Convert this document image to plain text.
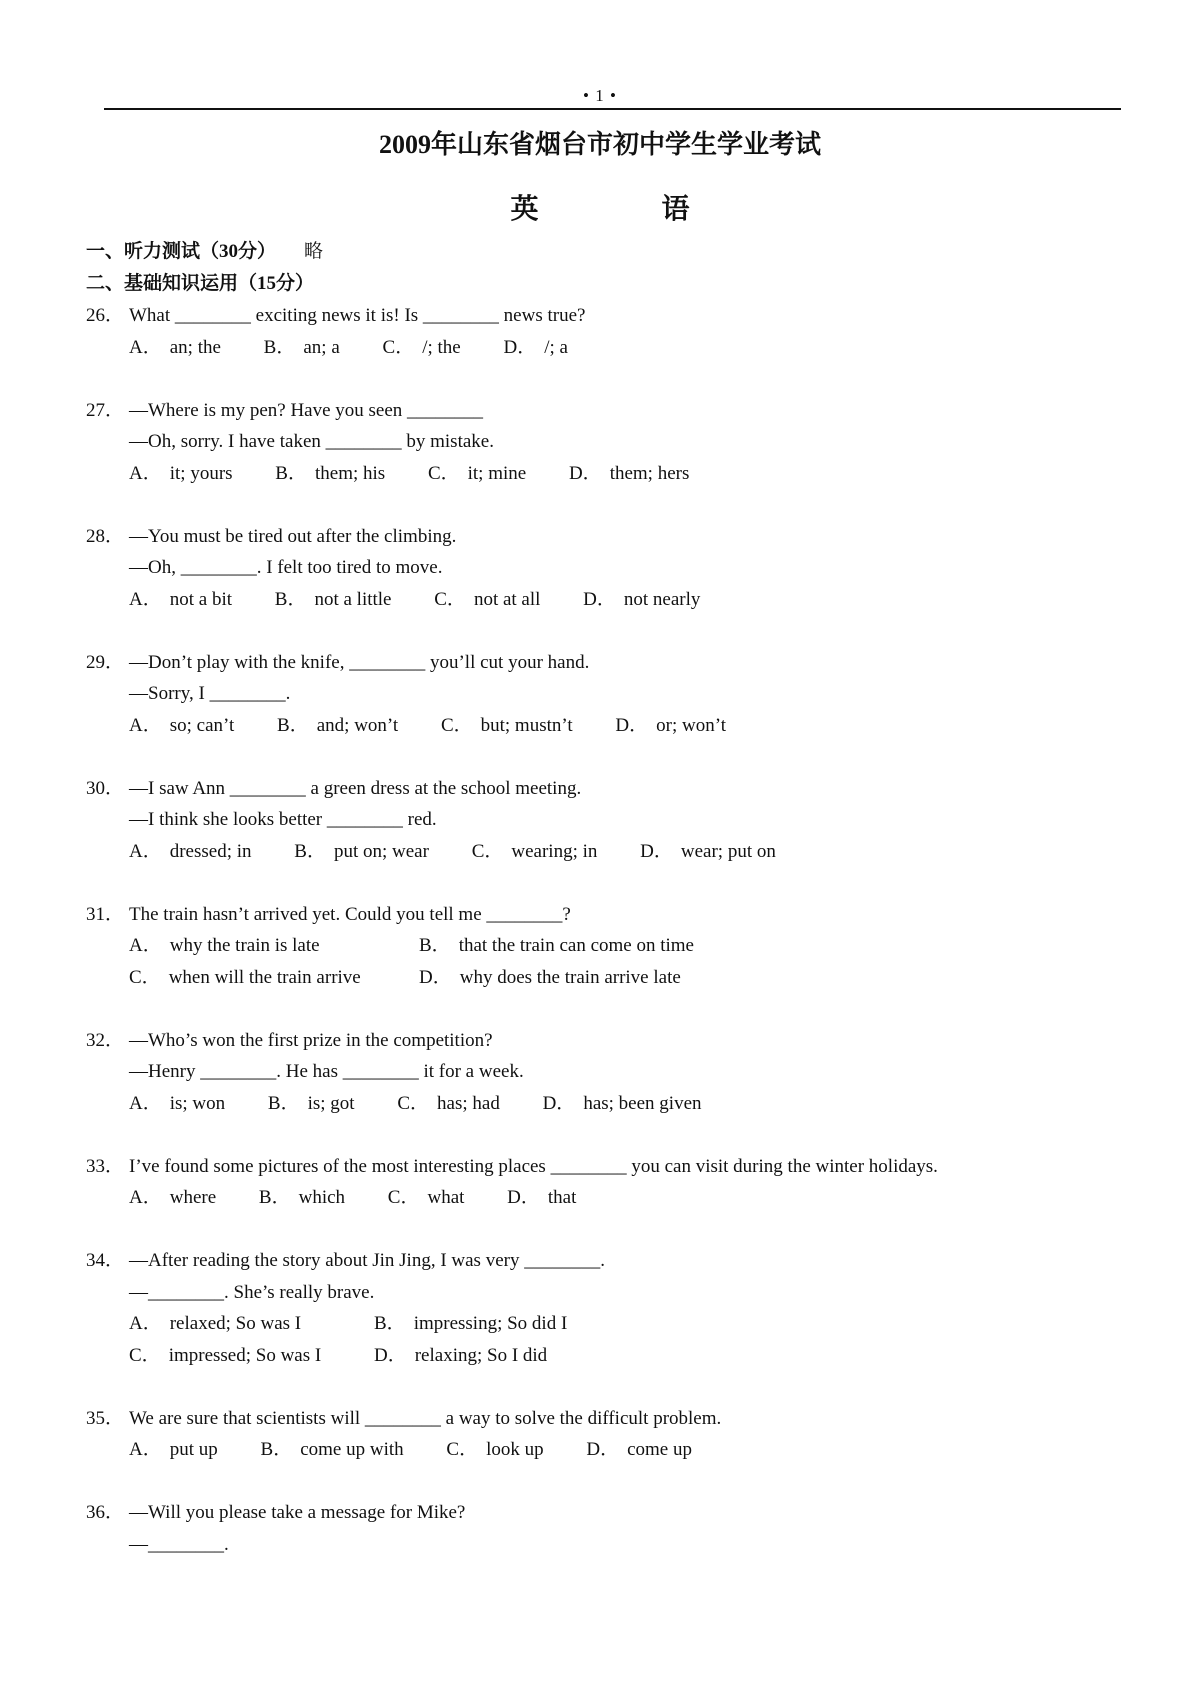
• 1 •
2009年山东省烟台市初中学生学业考试
英 语
一、听力测试（30分） 略
二、基础知识运用（15分）
26． What ________ exciting news it is! Is ________ news true?
A． an; the B． an; a C． /; the D． /; a
27． —Where is my pen? Have you seen ________
—Oh, sorry. I have taken ________ by mistake.
A． it; yours B． them; his C． it; mine D． them; hers
28． —You must be tired out after the climbing.
—Oh, ________. I felt too tired to move.
A． not a bit B． not a little C． not at all D． not nearly
29． —Don’t play with the knife, ________ you’ll cut your hand.
—Sorry, I ________.
A． so; can’t B． and; won’t C． but; mustn’t D． or; won’t
30． —I saw Ann ________ a green dress at the school meeting.
—I think she looks better ________ red.
A． dressed; in B． put on; wear C． wearing; in D． wear; put on
31． The train hasn’t arrived yet. Could you tell me ________?
A． why the train is late	B． that the train can come on time
C． when will the train arrive	D． why does the train arrive late
32． —Who’s won the first prize in the competition?
—Henry ________. He has ________ it for a week.
A． is; won B． is; got C． has; had D． has; been given
33． I’ve found some pictures of the most interesting places ________ you can visit during the winter holidays.
A． where B． which C． what D． that
34． —After reading the story about Jin Jing, I was very ________.
—________. She’s really brave.
A． relaxed; So was I	B． impressing; So did I
C． impressed; So was I	D． relaxing; So I did
35． We are sure that scientists will ________ a way to solve the difficult problem.
A． put up B． come up with C． look up D． come up
36． —Will you please take a message for Mike?
—________.
